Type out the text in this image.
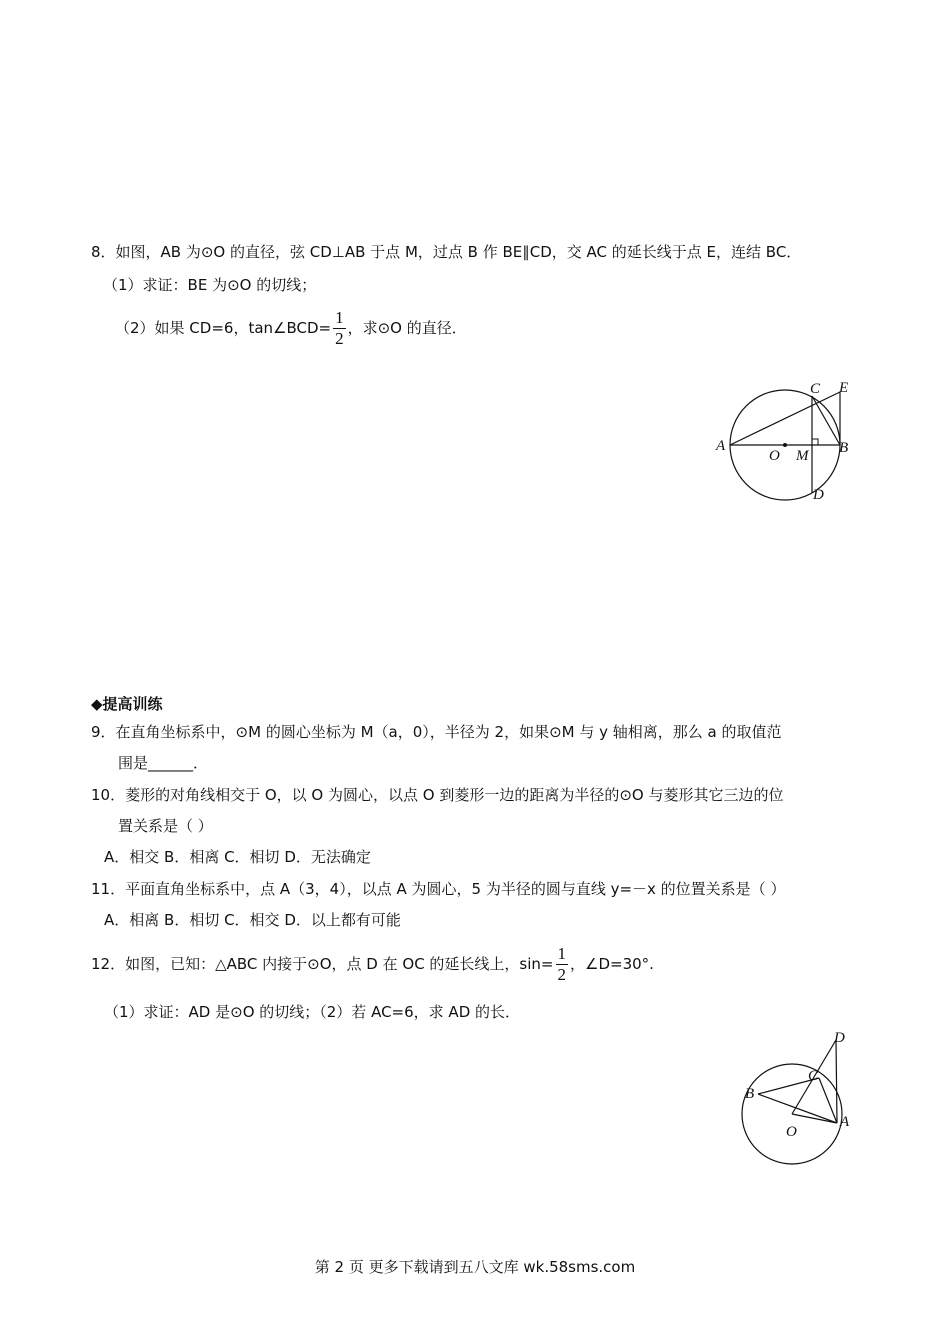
8．如图，AB 为⊙O 的直径，弦 CD⊥AB 于点 M，过点 B 作 BE∥CD，交 AC 的延长线于点 E，连结 BC．
（1）求证：BE 为⊙O 的切线；
（2）如果 CD=6，tan∠BCD= $\frac{1}{2}$ ，求⊙O 的直径．
A
O M B
C E
D
◆提高训练
9．在直角坐标系中，⊙M 的圆心坐标为 M（a，0），半径为 2，如果⊙M 与 y 轴相离，那么 a 的取值范
围是______．
10．菱形的对角线相交于 O，以 O 为圆心，以点 O 到菱形一边的距离为半径的⊙O 与菱形其它三边的位
置关系是（ ）
A．相交 B．相离 C．相切 D．无法确定
11．平面直角坐标系中，点 A（3，4），以点 A 为圆心，5 为半径的圆与直线 y=－x 的位置关系是（ ）
A．相离 B．相切 C．相交 D．以上都有可能
12．如图，已知：△ABC 内接于⊙O，点 D 在 OC 的延长线上，$\sin= \frac{1}{2}$ ，∠D=30°.
（1）求证：AD 是⊙O 的切线；（2）若 AC=6，求 AD 的长．
D
C
B
A
O
第 2 页 更多下载请到五八文库 wk.58sms.com
